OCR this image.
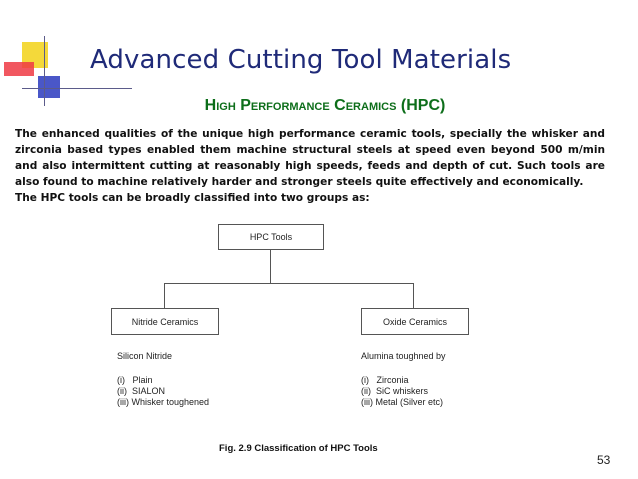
Advanced Cutting Tool Materials
High Performance Ceramics (HPC)

The enhanced qualities of the unique high performance ceramic tools, specially the whisker and zirconia based types enabled them machine structural steels at speed even beyond 500 m/min and also intermittent cutting at reasonably high speeds, feeds and depth of cut. Such tools are also found to machine relatively harder and stronger steels quite effectively and economically.

The HPC tools can be broadly classified into two groups as:

HPC Tools
Nitride Ceramics	Oxide Ceramics
Silicon Nitride
(i)   Plain
(ii)  SIALON
(iii) Whisker toughened
Alumina toughned by
(i)   Zirconia
(ii)  SiC whiskers
(iii) Metal (Silver etc)
Fig. 2.9 Classification of HPC Tools
53
